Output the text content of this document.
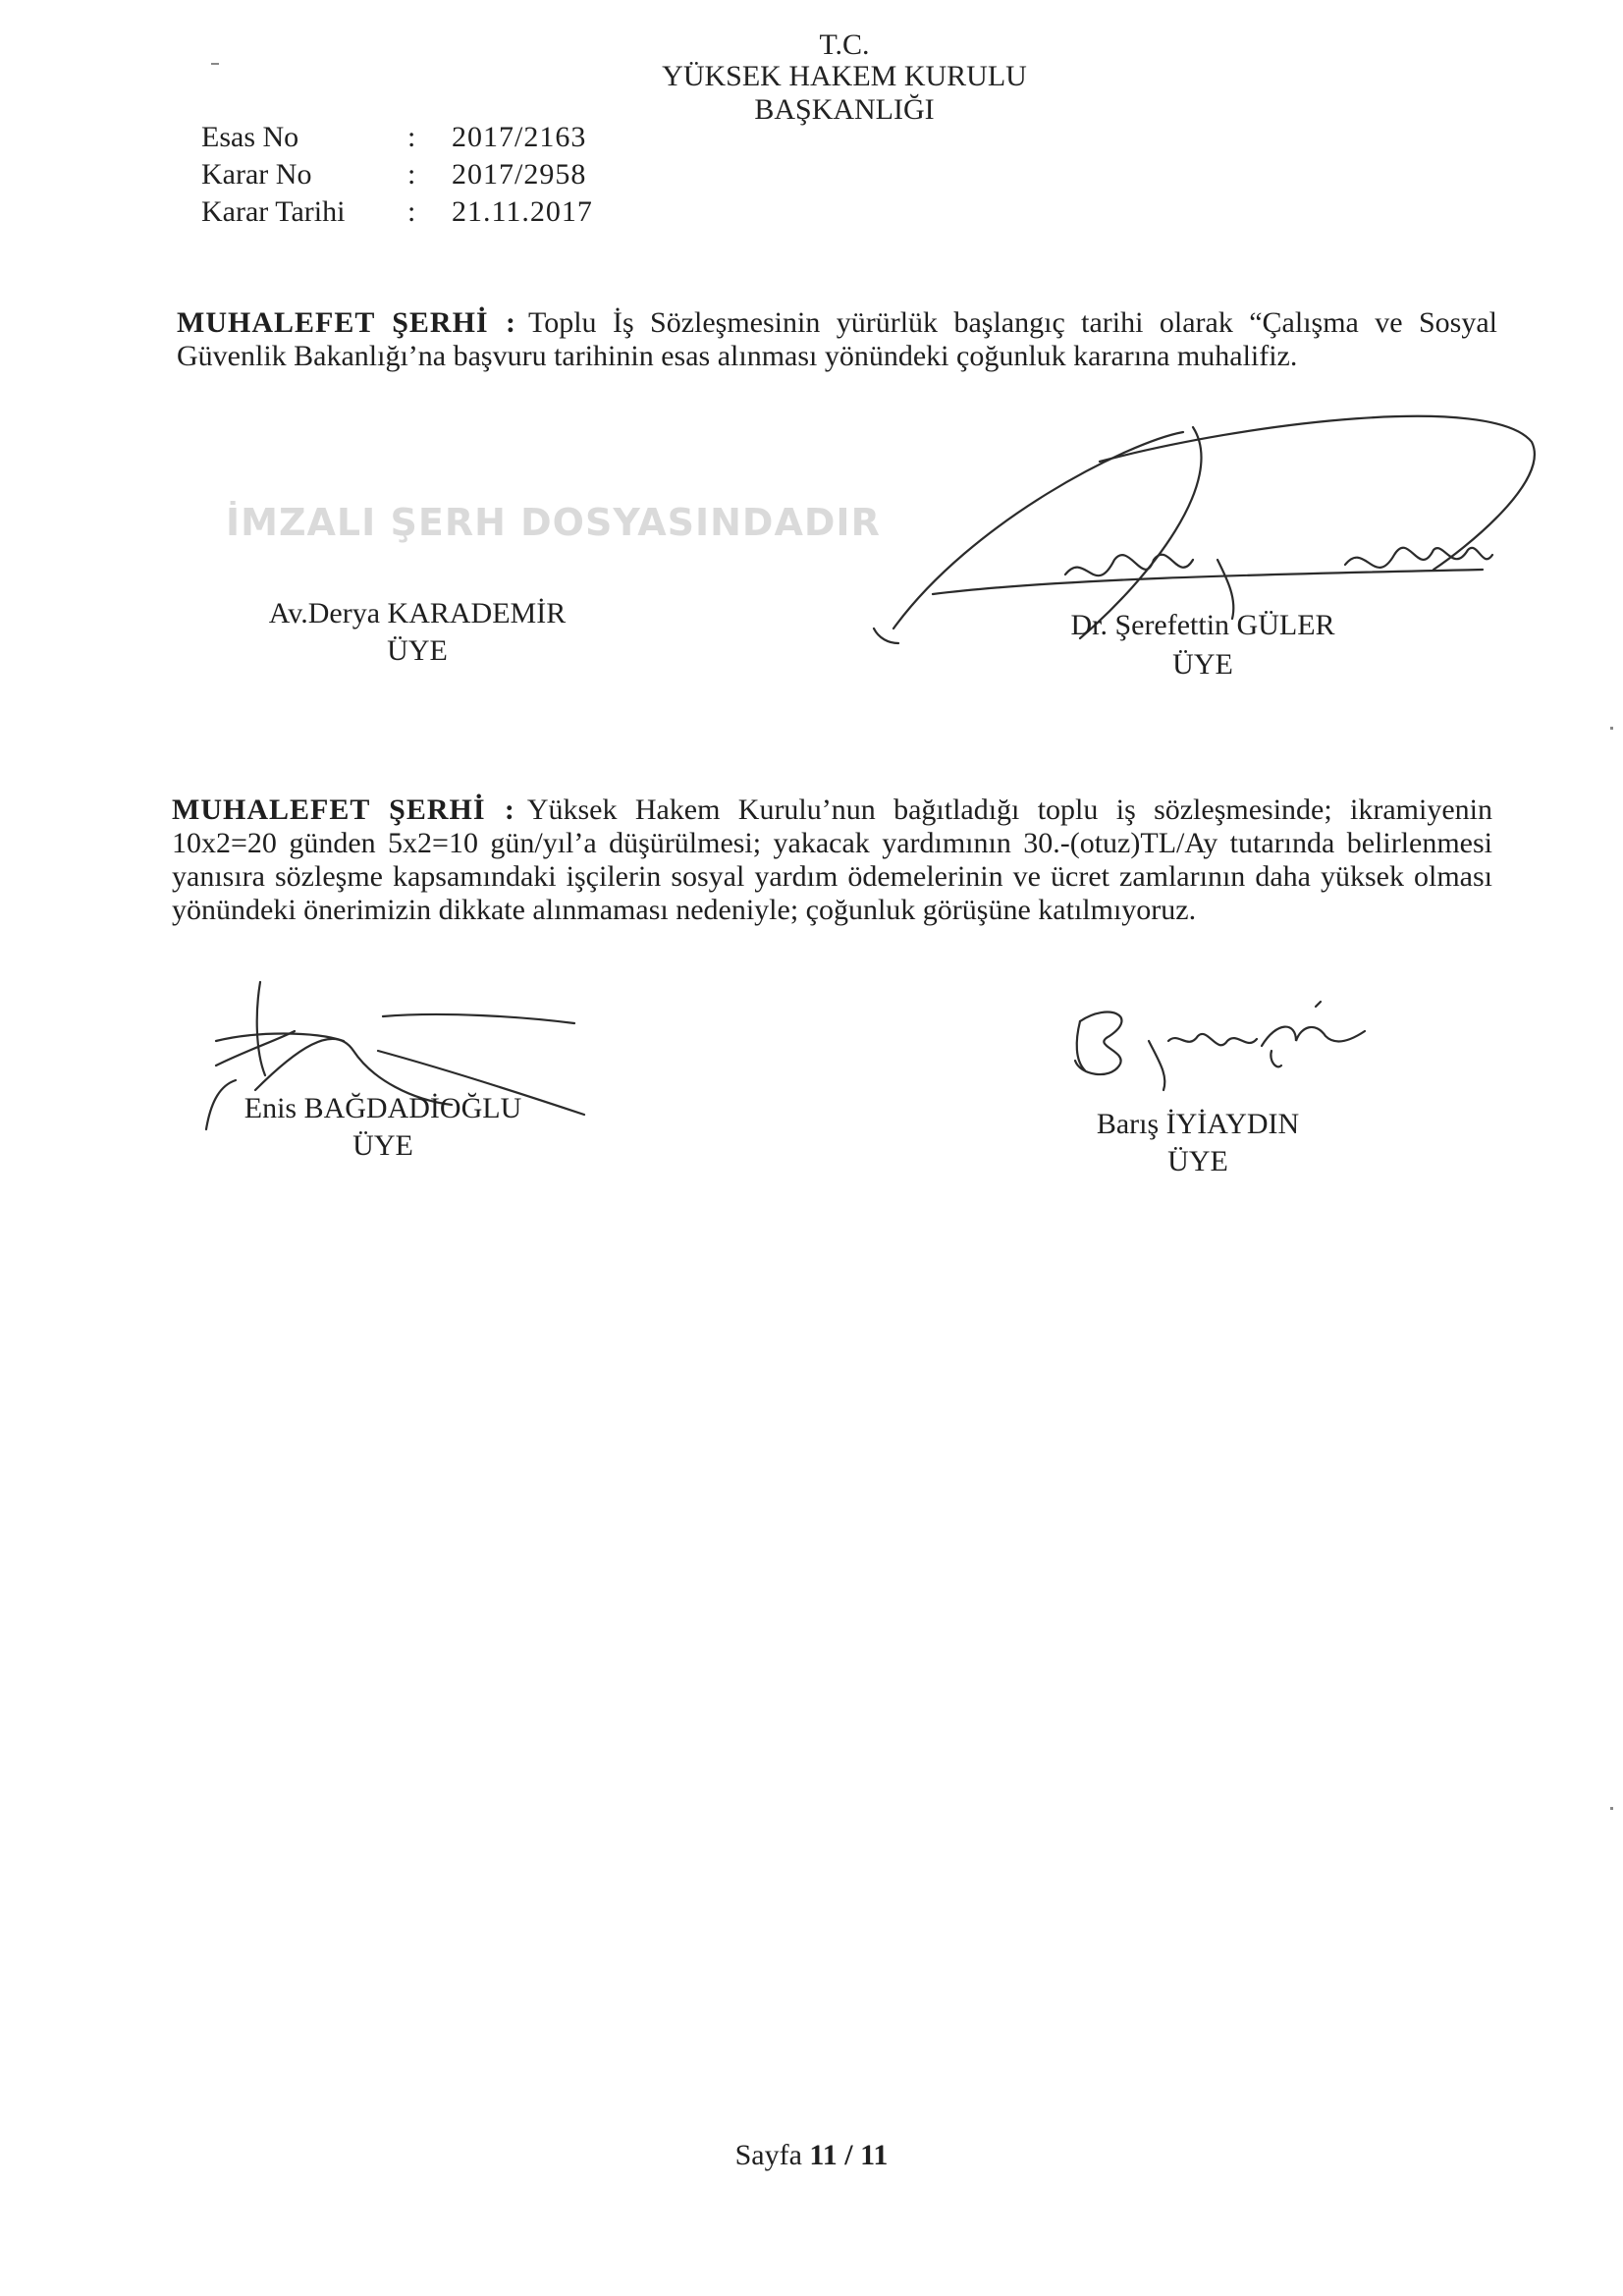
T.C.
YÜKSEK HAKEM KURULU
BAŞKANLIĞI
Esas No	: 2017/2163
Karar No	: 2017/2958
Karar Tarihi : 21.11.2017
MUHALEFET ŞERHİ : Toplu İş Sözleşmesinin yürürlük başlangıç tarihi olarak “Çalışma ve Sosyal Güvenlik Bakanlığı’na başvuru tarihinin esas alınması yönündeki çoğunluk kararına muhalifiz.
İMZALI ŞERH DOSYASINDADIR
Av.Derya KARADEMİR
ÜYE
Dr. Şerefettin GÜLER
ÜYE
MUHALEFET ŞERHİ : Yüksek Hakem Kurulu’nun bağıtladığı toplu iş sözleşmesinde; ikramiyenin 10x2=20 günden 5x2=10 gün/yıl’a düşürülmesi; yakacak yardımının 30.-(otuz)TL/Ay tutarında belirlenmesi yanısıra sözleşme kapsamındaki işçilerin sosyal yardım ödemelerinin ve ücret zamlarının daha yüksek olması yönündeki önerimizin dikkate alınmaması nedeniyle; çoğunluk görüşüne katılmıyoruz.
Enis BAĞDADİOĞLU
ÜYE
Barış İYİAYDIN
ÜYE
Sayfa 11 / 11
